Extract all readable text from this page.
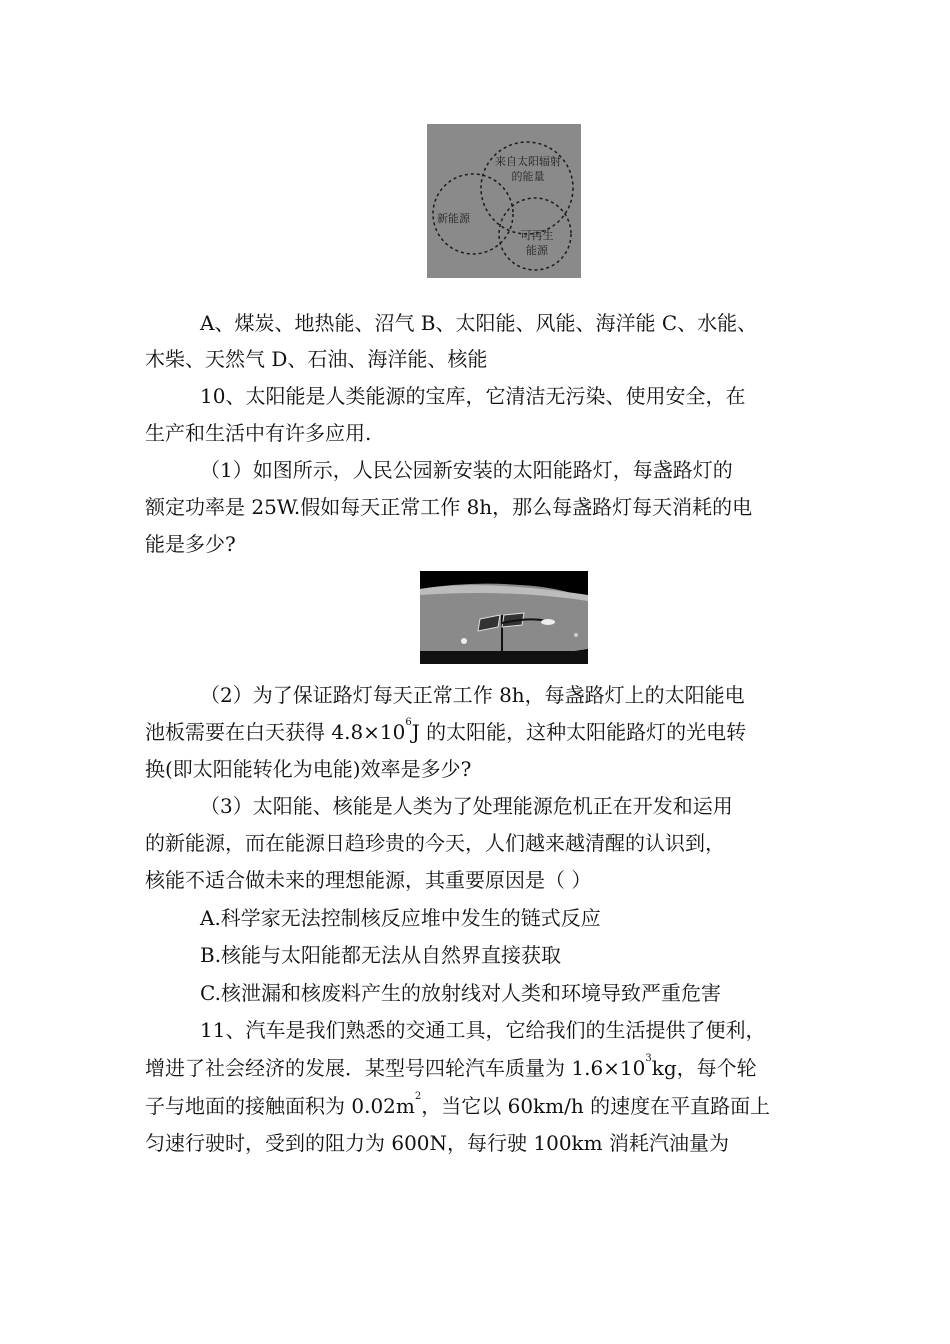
来自太阳辐射的能量
新能源
可再生能源
A、煤炭、地热能、沼气 B、太阳能、风能、海洋能 C、水能、
木柴、天然气 D、石油、海洋能、核能
10、太阳能是人类能源的宝库，它清洁无污染、使用安全，在
生产和生活中有许多应用.
（1）如图所示，人民公园新安装的太阳能路灯，每盏路灯的
额定功率是 25W.假如每天正常工作 8h，那么每盏路灯每天消耗的电
能是多少?
（2）为了保证路灯每天正常工作 8h，每盏路灯上的太阳能电
池板需要在白天获得 $4.8\times 10^6J$ 的太阳能，这种太阳能路灯的光电转
换(即太阳能转化为电能)效率是多少?
（3）太阳能、核能是人类为了处理能源危机正在开发和运用
的新能源，而在能源日趋珍贵的今天，人们越来越清醒的认识到，
核能不适合做未来的理想能源，其重要原因是（ ）
A.科学家无法控制核反应堆中发生的链式反应
B.核能与太阳能都无法从自然界直接获取
C.核泄漏和核废料产生的放射线对人类和环境导致严重危害
11、汽车是我们熟悉的交通工具，它给我们的生活提供了便利，
增进了社会经济的发展．某型号四轮汽车质量为 $1.6\times 10^3kg$，每个轮
子与地面的接触面积为 $0.02m^2$，当它以 60km/h 的速度在平直路面上
匀速行驶时，受到的阻力为 600N，每行驶 100km 消耗汽油量为
